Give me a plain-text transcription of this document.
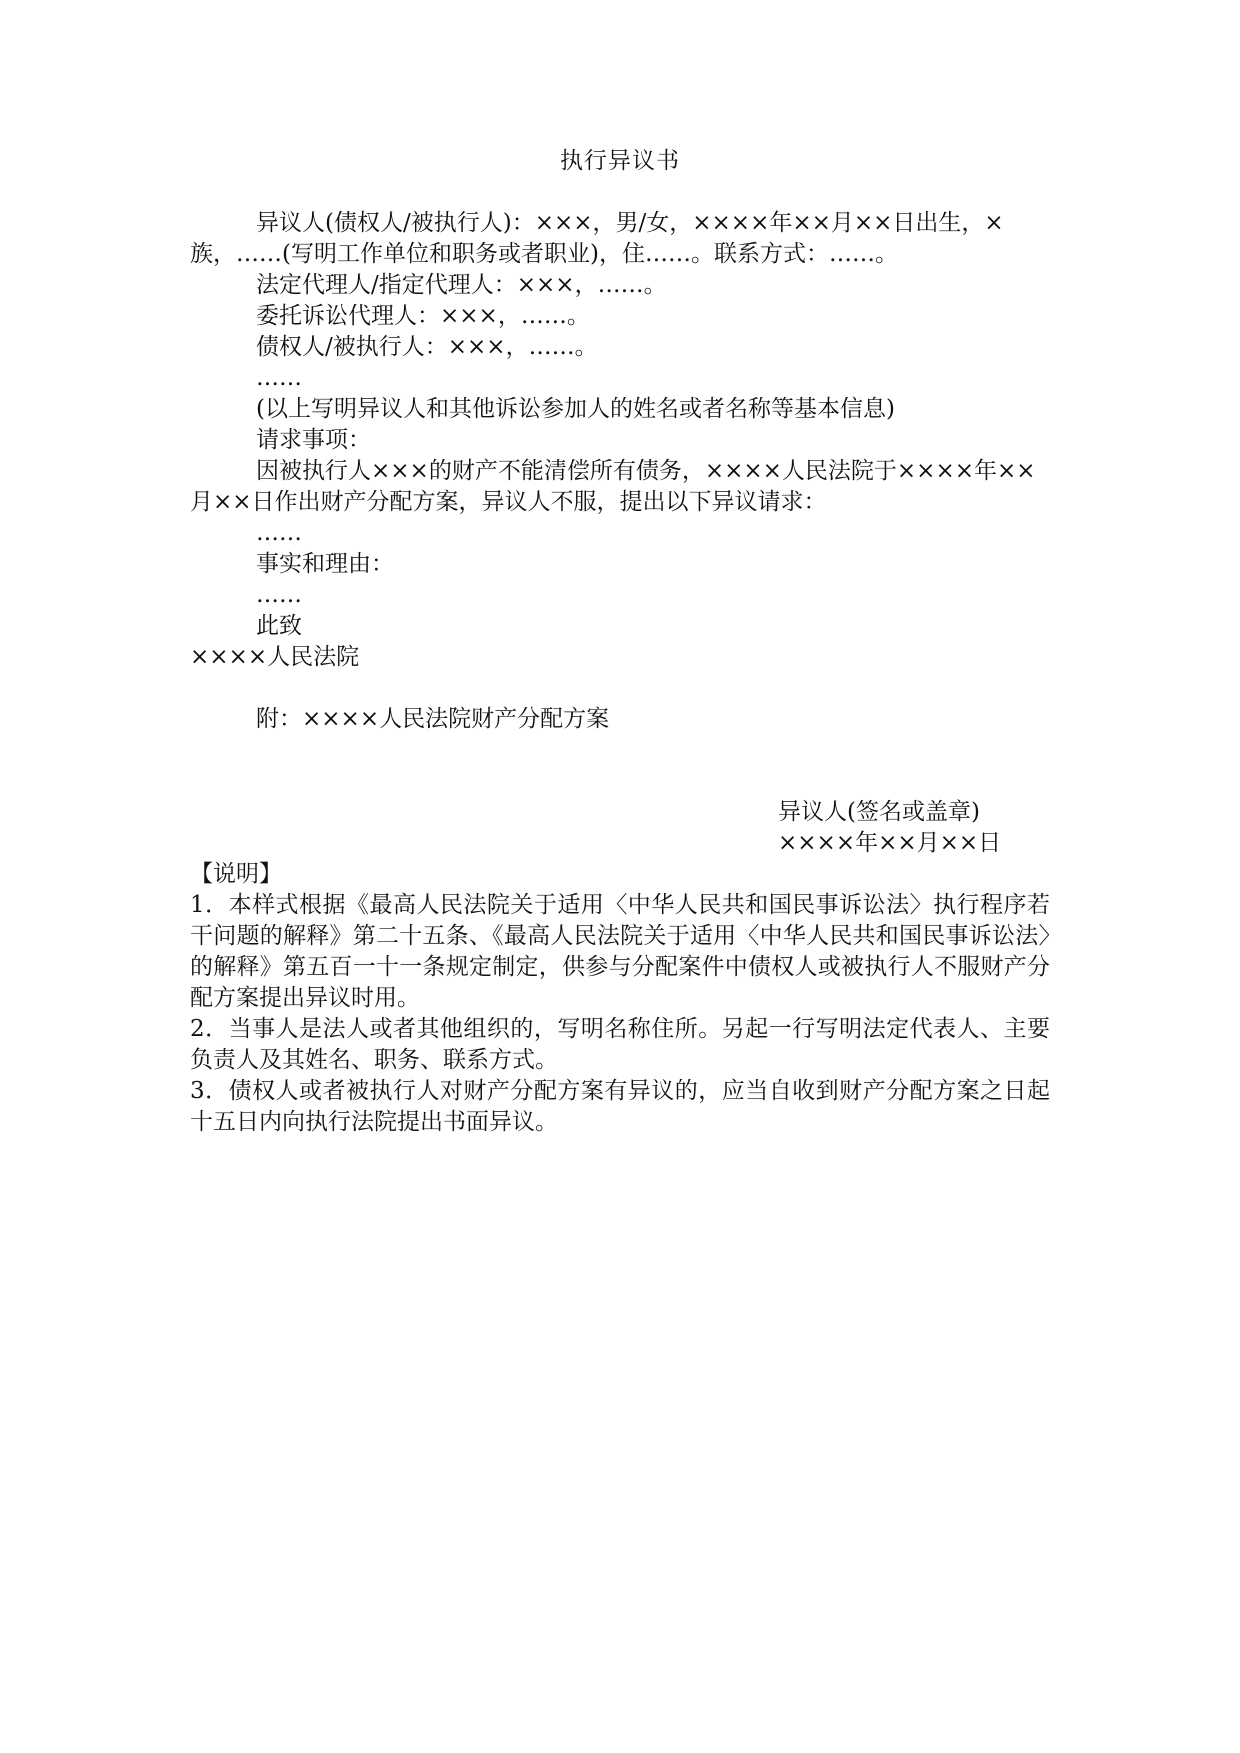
执行异议书

异议人(债权人/被执行人)：×××，男/女，××××年××月××日出生，×族，……(写明工作单位和职务或者职业)，住……。联系方式：……。

法定代理人/指定代理人：×××，……。

委托诉讼代理人：×××，……。

债权人/被执行人：×××，……。

……

(以上写明异议人和其他诉讼参加人的姓名或者名称等基本信息)

请求事项：

因被执行人×××的财产不能清偿所有债务，××××人民法院于××××年××月××日作出财产分配方案，异议人不服，提出以下异议请求：

……

事实和理由：

……

此致

××××人民法院

附：××××人民法院财产分配方案

异议人(签名或盖章)

××××年××月××日

【说明】

1．本样式根据《最高人民法院关于适用〈中华人民共和国民事诉讼法〉执行程序若干问题的解释》第二十五条、《最高人民法院关于适用〈中华人民共和国民事诉讼法〉的解释》第五百一十一条规定制定，供参与分配案件中债权人或被执行人不服财产分配方案提出异议时用。

2．当事人是法人或者其他组织的，写明名称住所。另起一行写明法定代表人、主要负责人及其姓名、职务、联系方式。

3．债权人或者被执行人对财产分配方案有异议的，应当自收到财产分配方案之日起十五日内向执行法院提出书面异议。
